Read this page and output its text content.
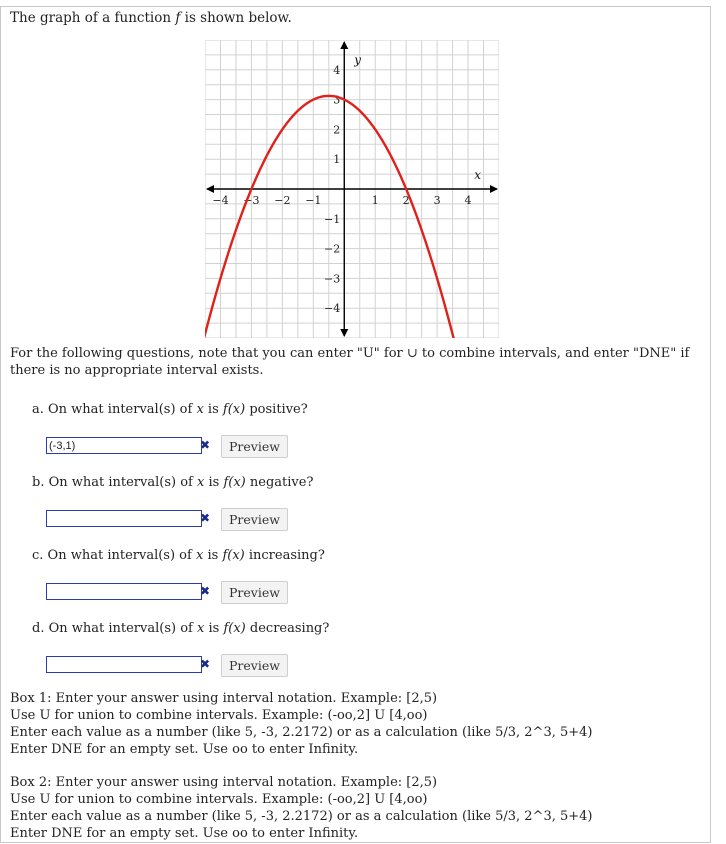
The graph of a function f is shown below.
x
y
−4 −3 −2 −1	1 2 3 4
−4
−3
−2
−1
1
2
3
4
For the following questions, note that you can enter "U" for ∪ to combine intervals, and enter "DNE" if there is no appropriate interval exists.
a. On what interval(s) of x is f(x) positive?
(-3,1)
✖	Preview
b. On what interval(s) of x is f(x) negative?
✖	Preview
c. On what interval(s) of x is f(x) increasing?
✖	Preview
d. On what interval(s) of x is f(x) decreasing?
✖	Preview
Box 1: Enter your answer using interval notation. Example: [2,5)
Use U for union to combine intervals. Example: (-oo,2] U [4,oo)
Enter each value as a number (like 5, -3, 2.2172) or as a calculation (like 5/3, 2^3, 5+4)
Enter DNE for an empty set. Use oo to enter Infinity.
Box 2: Enter your answer using interval notation. Example: [2,5)
Use U for union to combine intervals. Example: (-oo,2] U [4,oo)
Enter each value as a number (like 5, -3, 2.2172) or as a calculation (like 5/3, 2^3, 5+4)
Enter DNE for an empty set. Use oo to enter Infinity.
